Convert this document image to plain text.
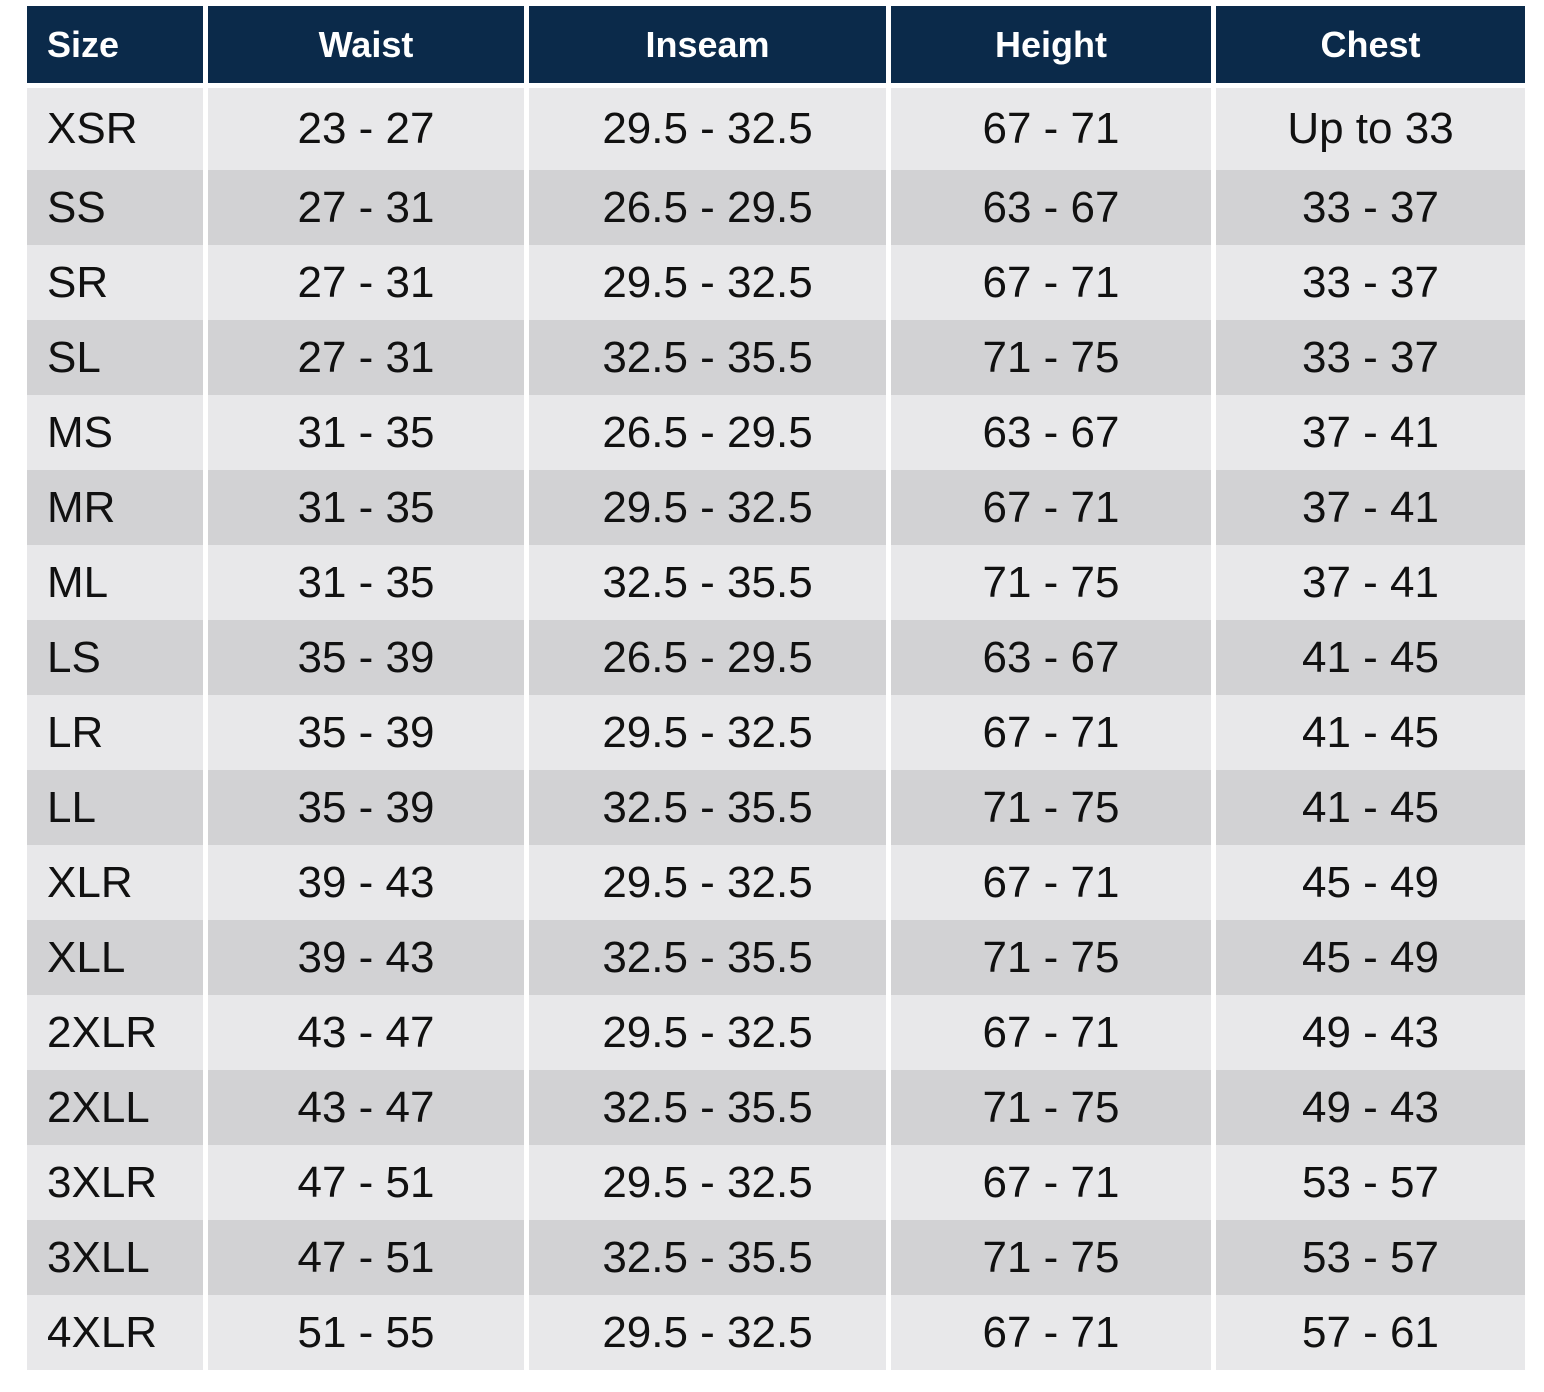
Size	Waist	Inseam	Height	Chest
XSR	23 - 27	29.5 - 32.5	67 - 71	Up to 33
SS	27 - 31	26.5 - 29.5	63 - 67	33 - 37
SR	27 - 31	29.5 - 32.5	67 - 71	33 - 37
SL	27 - 31	32.5 - 35.5	71 - 75	33 - 37
MS	31 - 35	26.5 - 29.5	63 - 67	37 - 41
MR	31 - 35	29.5 - 32.5	67 - 71	37 - 41
ML	31 - 35	32.5 - 35.5	71 - 75	37 - 41
LS	35 - 39	26.5 - 29.5	63 - 67	41 - 45
LR	35 - 39	29.5 - 32.5	67 - 71	41 - 45
LL	35 - 39	32.5 - 35.5	71 - 75	41 - 45
XLR	39 - 43	29.5 - 32.5	67 - 71	45 - 49
XLL	39 - 43	32.5 - 35.5	71 - 75	45 - 49
2XLR	43 - 47	29.5 - 32.5	67 - 71	49 - 43
2XLL	43 - 47	32.5 - 35.5	71 - 75	49 - 43
3XLR	47 - 51	29.5 - 32.5	67 - 71	53 - 57
3XLL	47 - 51	32.5 - 35.5	71 - 75	53 - 57
4XLR	51 - 55	29.5 - 32.5	67 - 71	57 - 61
